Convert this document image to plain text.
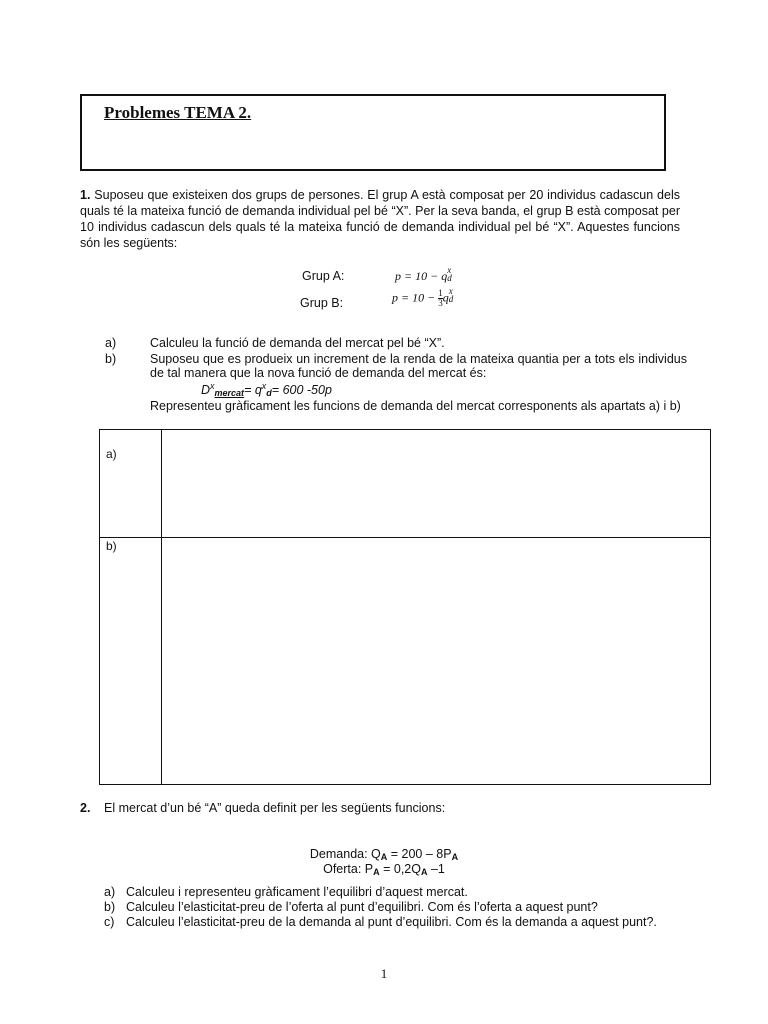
Problemes TEMA 2.
1. Suposeu que existeixen dos grups de persones. El grup A està composat per 20 individus cadascun dels quals té la mateixa funció de demanda individual pel bé “X”. Per la seva banda, el grup B està composat per 10 individus cadascun dels quals té la mateixa funció de demanda individual pel bé “X”. Aquestes funcions són les següents:
Grup A:	p = 10 − q x
d
Grup B:	$p = 10 - \frac{1}{3}$ q x
d
a)	Calculeu la funció de demanda del mercat pel bé “X”.
b)	Suposeu que es produeix un increment de la renda de la mateixa quantia per a tots els individus de tal manera que la nova funció de demanda del mercat és:
$D^x_{mercat}= q^x_d= 600$ -50p
Representeu gràficament les funcions de demanda del mercat corresponents als apartats a) i b)
a)
b)
2. El mercat d’un bé “A” queda definit per les següents funcions:
Demanda: $Q_A = 200 - 8P_A$
Oferta: $P_A = 0,2Q_A$ –1
a) Calculeu i representeu gràficament l’equilibri d’aquest mercat.
b) Calculeu l’elasticitat-preu de l’oferta al punt d’equilibri. Com és l’oferta a aquest punt?
c) Calculeu l’elasticitat-preu de la demanda al punt d’equilibri. Com és la demanda a aquest punt?.
1
